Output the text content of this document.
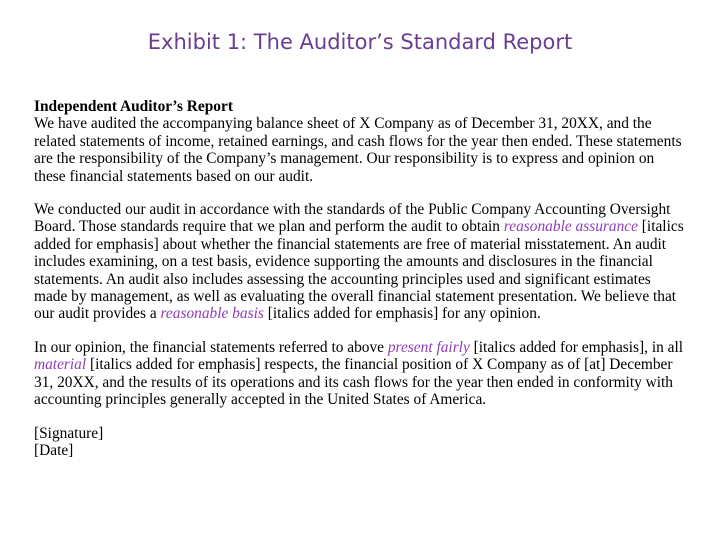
Exhibit 1: The Auditor’s Standard Report

Independent Auditor’s Report
We have audited the accompanying balance sheet of X Company as of December 31, 20XX, and the related statements of income, retained earnings, and cash flows for the year then ended. These statements are the responsibility of the Company’s management. Our responsibility is to express and opinion on these financial statements based on our audit.

We conducted our audit in accordance with the standards of the Public Company Accounting Oversight Board. Those standards require that we plan and perform the audit to obtain reasonable assurance [italics added for emphasis] about whether the financial statements are free of material misstatement. An audit includes examining, on a test basis, evidence supporting the amounts and disclosures in the financial statements. An audit also includes assessing the accounting principles used and significant estimates made by management, as well as evaluating the overall financial statement presentation. We believe that our audit provides a reasonable basis [italics added for emphasis] for any opinion.

In our opinion, the financial statements referred to above present fairly [italics added for emphasis], in all material [italics added for emphasis] respects, the financial position of X Company as of [at] December 31, 20XX, and the results of its operations and its cash flows for the year then ended in conformity with accounting principles generally accepted in the United States of America.

[Signature]
[Date]
